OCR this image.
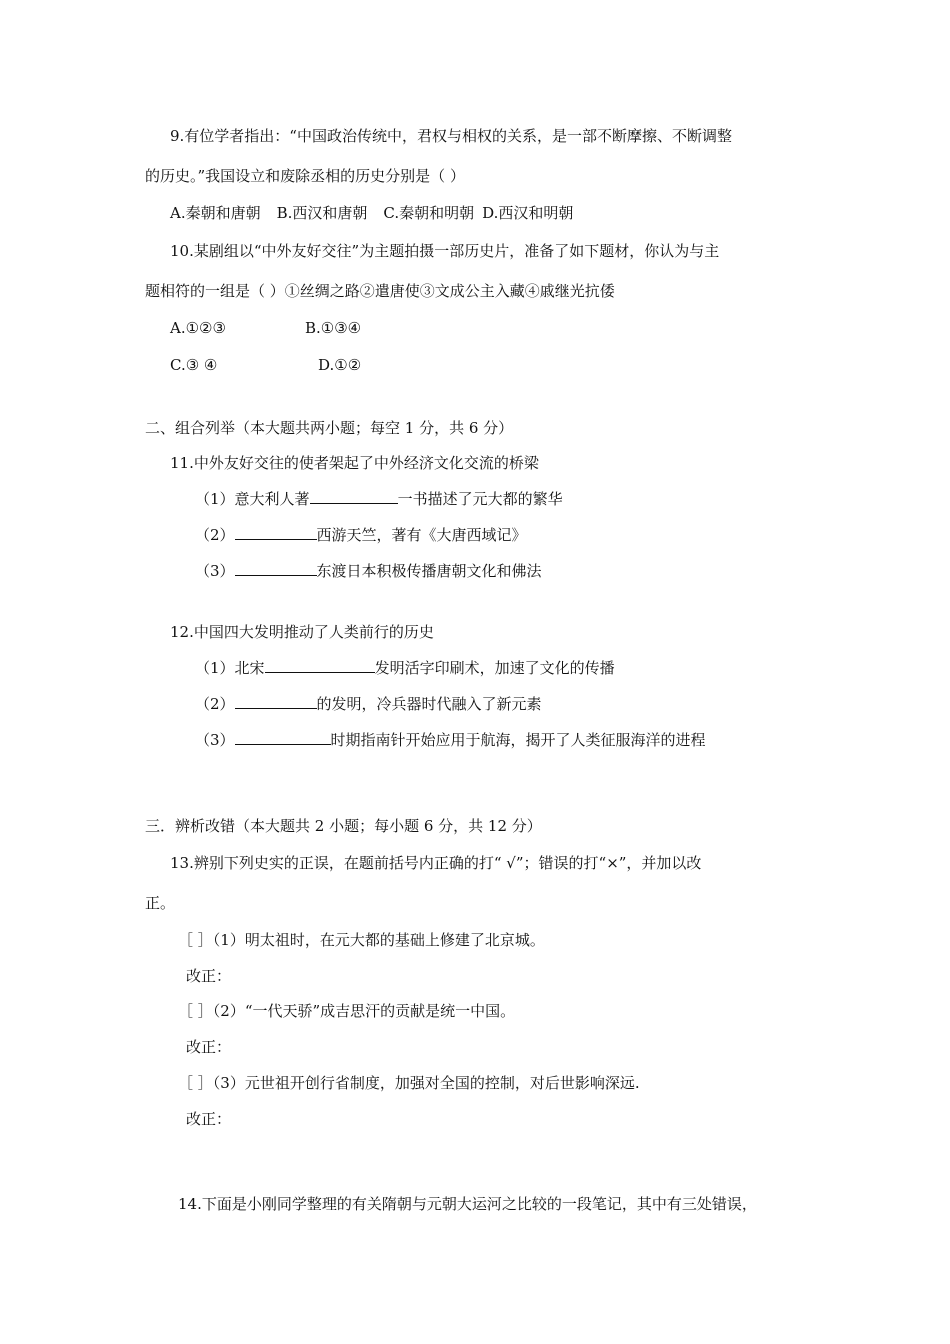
9.有位学者指出：“中国政治传统中，君权与相权的关系，是一部不断摩擦、不断调整
的历史。”我国设立和废除丞相的历史分别是（ ）
A.秦朝和唐朝 B.西汉和唐朝 C.秦朝和明朝 D.西汉和明朝
10.某剧组以“中外友好交往”为主题拍摄一部历史片，准备了如下题材，你认为与主
题相符的一组是（ ）①丝绸之路②遣唐使③文成公主入藏④戚继光抗倭
A.①②③	B.①③④
C.③ ④	D.①②
二、组合列举（本大题共两小题；每空 1 分，共 6 分）
11.中外友好交往的使者架起了中外经济文化交流的桥梁
（1）意大利人著	一书描述了元大都的繁华
（2）	西游天竺，著有《大唐西域记》
（3）	东渡日本积极传播唐朝文化和佛法
12.中国四大发明推动了人类前行的历史
（1）北宋	发明活字印刷术，加速了文化的传播
（2）	的发明，冷兵器时代融入了新元素
（3）	时期指南针开始应用于航海，揭开了人类征服海洋的进程
三．辨析改错（本大题共 2 小题；每小题 6 分，共 12 分）
13.辨别下列史实的正误，在题前括号内正确的打“ √”；错误的打“×”，并加以改
正。
［ ］（1）明太祖时，在元大都的基础上修建了北京城。
改正：
［ ］（2）“一代天骄”成吉思汗的贡献是统一中国。
改正：
［ ］（3）元世祖开创行省制度，加强对全国的控制，对后世影响深远.
改正：
14.下面是小刚同学整理的有关隋朝与元朝大运河之比较的一段笔记，其中有三处错误，
